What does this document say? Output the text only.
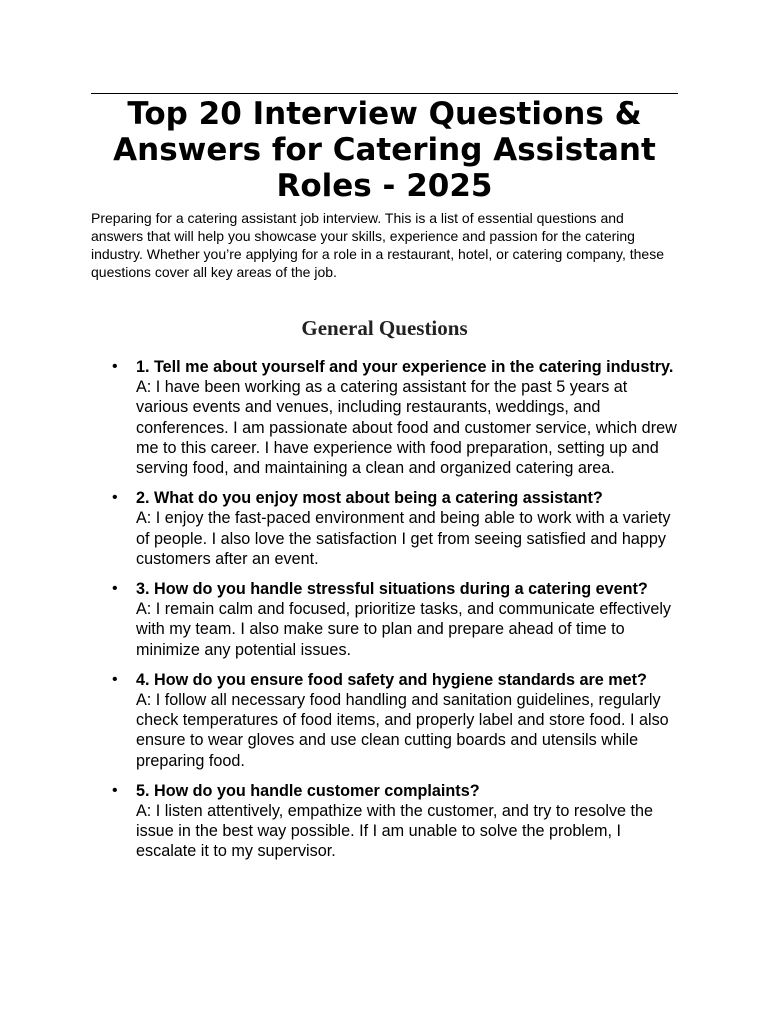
Top 20 Interview Questions & Answers for Catering Assistant Roles - 2025

Preparing for a catering assistant job interview. This is a list of essential questions and answers that will help you showcase your skills, experience and passion for the catering industry. Whether you’re applying for a role in a restaurant, hotel, or catering company, these questions cover all key areas of the job.

General Questions
• 1. Tell me about yourself and your experience in the catering industry.
A: I have been working as a catering assistant for the past 5 years at various events and venues, including restaurants, weddings, and conferences. I am passionate about food and customer service, which drew me to this career. I have experience with food preparation, setting up and serving food, and maintaining a clean and organized catering area.
• 2. What do you enjoy most about being a catering assistant?
A: I enjoy the fast-paced environment and being able to work with a variety of people. I also love the satisfaction I get from seeing satisfied and happy customers after an event.
• 3. How do you handle stressful situations during a catering event?
A: I remain calm and focused, prioritize tasks, and communicate effectively with my team. I also make sure to plan and prepare ahead of time to minimize any potential issues.
• 4. How do you ensure food safety and hygiene standards are met?
A: I follow all necessary food handling and sanitation guidelines, regularly check temperatures of food items, and properly label and store food. I also ensure to wear gloves and use clean cutting boards and utensils while preparing food.
• 5. How do you handle customer complaints?
A: I listen attentively, empathize with the customer, and try to resolve the issue in the best way possible. If I am unable to solve the problem, I escalate it to my supervisor.
